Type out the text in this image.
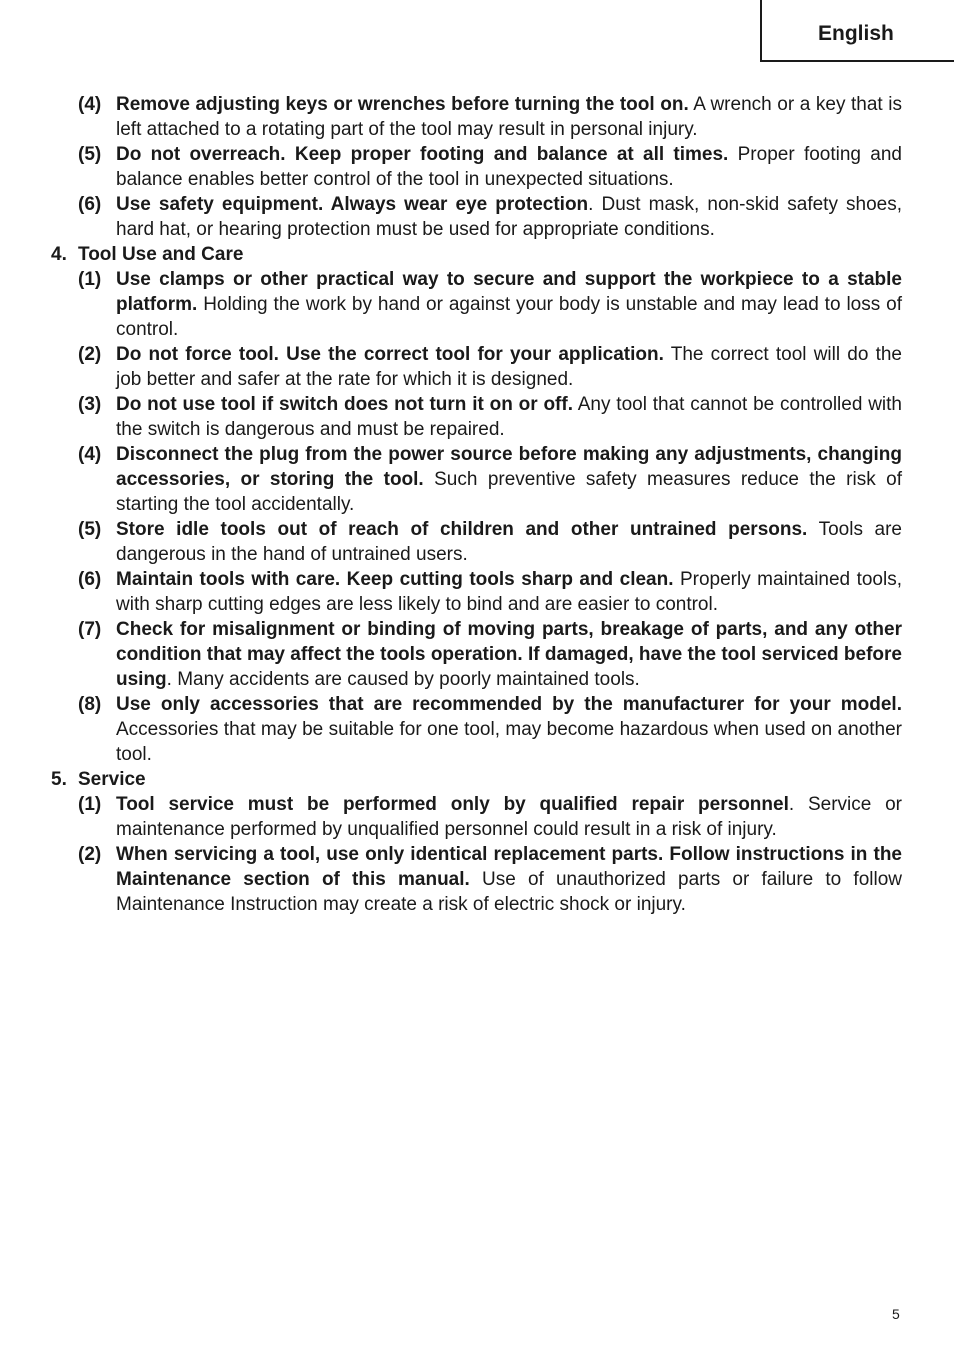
English
(4) Remove adjusting keys or wrenches before turning the tool on. A wrench or a key that is left attached to a rotating part of the tool may result in personal injury.
(5) Do not overreach. Keep proper footing and balance at all times. Proper footing and balance enables better control of the tool in unexpected situations.
(6) Use safety equipment. Always wear eye protection. Dust mask, non-skid safety shoes, hard hat, or hearing protection must be used for appropriate conditions.
4. Tool Use and Care
(1) Use clamps or other practical way to secure and support the workpiece to a stable platform. Holding the work by hand or against your body is unstable and may lead to loss of control.
(2) Do not force tool. Use the correct tool for your application. The correct tool will do the job better and safer at the rate for which it is designed.
(3) Do not use tool if switch does not turn it on or off. Any tool that cannot be controlled with the switch is dangerous and must be repaired.
(4) Disconnect the plug from the power source before making any adjustments, changing accessories, or storing the tool. Such preventive safety measures reduce the risk of starting the tool accidentally.
(5) Store idle tools out of reach of children and other untrained persons. Tools are dangerous in the hand of untrained users.
(6) Maintain tools with care. Keep cutting tools sharp and clean. Properly maintained tools, with sharp cutting edges are less likely to bind and are easier to control.
(7) Check for misalignment or binding of moving parts, breakage of parts, and any other condition that may affect the tools operation. If damaged, have the tool serviced before using. Many accidents are caused by poorly maintained tools.
(8) Use only accessories that are recommended by the manufacturer for your model. Accessories that may be suitable for one tool, may become hazardous when used on another tool.
5. Service
(1) Tool service must be performed only by qualified repair personnel. Service or maintenance performed by unqualified personnel could result in a risk of injury.
(2) When servicing a tool, use only identical replacement parts. Follow instructions in the Maintenance section of this manual. Use of unauthorized parts or failure to follow Maintenance Instruction may create a risk of electric shock or injury.
5
